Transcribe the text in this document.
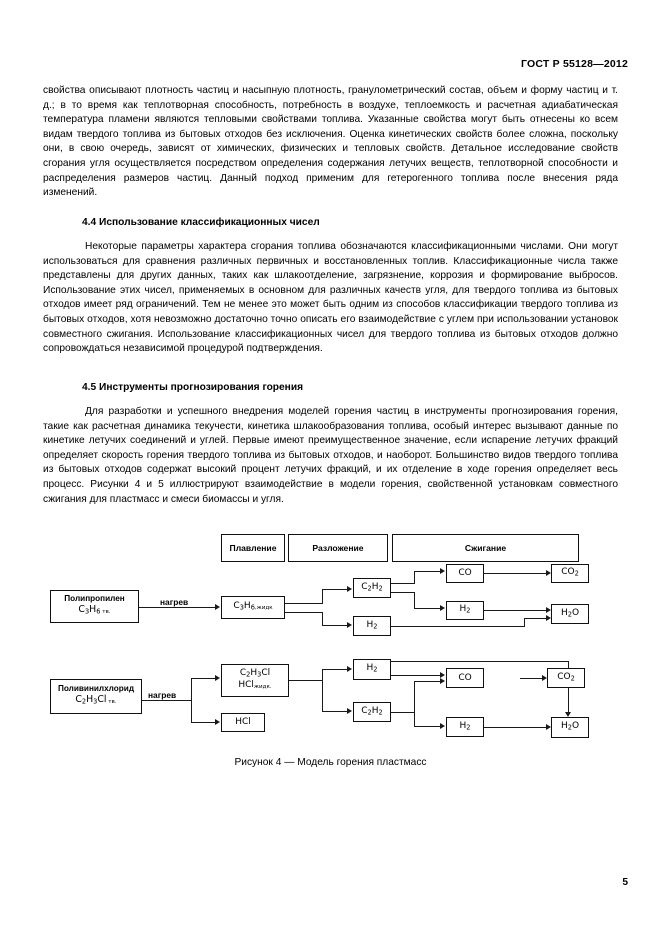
ГОСТ Р 55128—2012

свойства описывают плотность частиц и насыпную плотность, гранулометрический состав, объем и форму частиц и т. д.; в то время как теплотворная способность, потребность в воздухе, теплоемкость и расчетная адиабатическая температура пламени являются тепловыми свойствами топлива. Указанные свойства могут быть отнесены ко всем видам твердого топлива из бытовых отходов без исключения. Оценка кинетических свойств более сложна, поскольку они, в свою очередь, зависят от химических, физических и тепловых свойств. Детальное исследование свойств сгорания угля осуществляется посредством определения содержания летучих веществ, теплотворной способности и распределения размеров частиц. Данный подход применим для гетерогенного топлива после внесения ряда изменений.

4.4 Использование классификационных чисел

Некоторые параметры характера сгорания топлива обозначаются классификационными числами. Они могут использоваться для сравнения различных первичных и восстановленных топлив. Классификационные числа также представлены для других данных, таких как шлакоотделение, загрязнение, коррозия и формирование выбросов. Использование этих чисел, применяемых в основном для различных качеств угля, для твердого топлива из бытовых отходов имеет ряд ограничений. Тем не менее это может быть одним из способов классификации твердого топлива из бытовых отходов, хотя невозможно достаточно точно описать его взаимодействие с углем при использовании установок совместного сжигания. Использование классификационных чисел для твердого топлива из бытовых отходов должно сопровождаться независимой процедурой подтверждения.

4.5 Инструменты прогнозирования горения

Для разработки и успешного внедрения моделей горения частиц в инструменты прогнозирования горения, такие как расчетная динамика текучести, кинетика шлакообразования топлива, особый интерес вызывают данные по кинетике летучих соединений и углей. Первые имеют преимущественное значение, если испарение летучих фракций определяет скорость горения твердого топлива из бытовых отходов, и наоборот. Большинство видов твердого топлива из бытовых отходов содержат высокий процент летучих фракций, и их отделение в ходе горения определяет весь процесс. Рисунки 4 и 5 иллюстрируют взаимодействие в модели горения, свойственной установкам совместного сжигания для пластмасс и смеси биомассы и угля.

Плавление	Разложение	Сжигание
Полипропилен
$C_3H_6$ тв.
нагрев	$C_3H_6,жидк$
$C_2H_2$
$H_2$
CO
$H_2$
$CO_2$
$H_2O$
Поливинилхлорид
$C_2H_3Cl$ тв.
нагрев
$C_2H_3Cl$
HClжидк.
HCl
$H_2$
$C_2H_2$
CO
$H_2$
$CO_2$
$H_2O$
Рисунок 4 — Модель горения пластмасс
5
